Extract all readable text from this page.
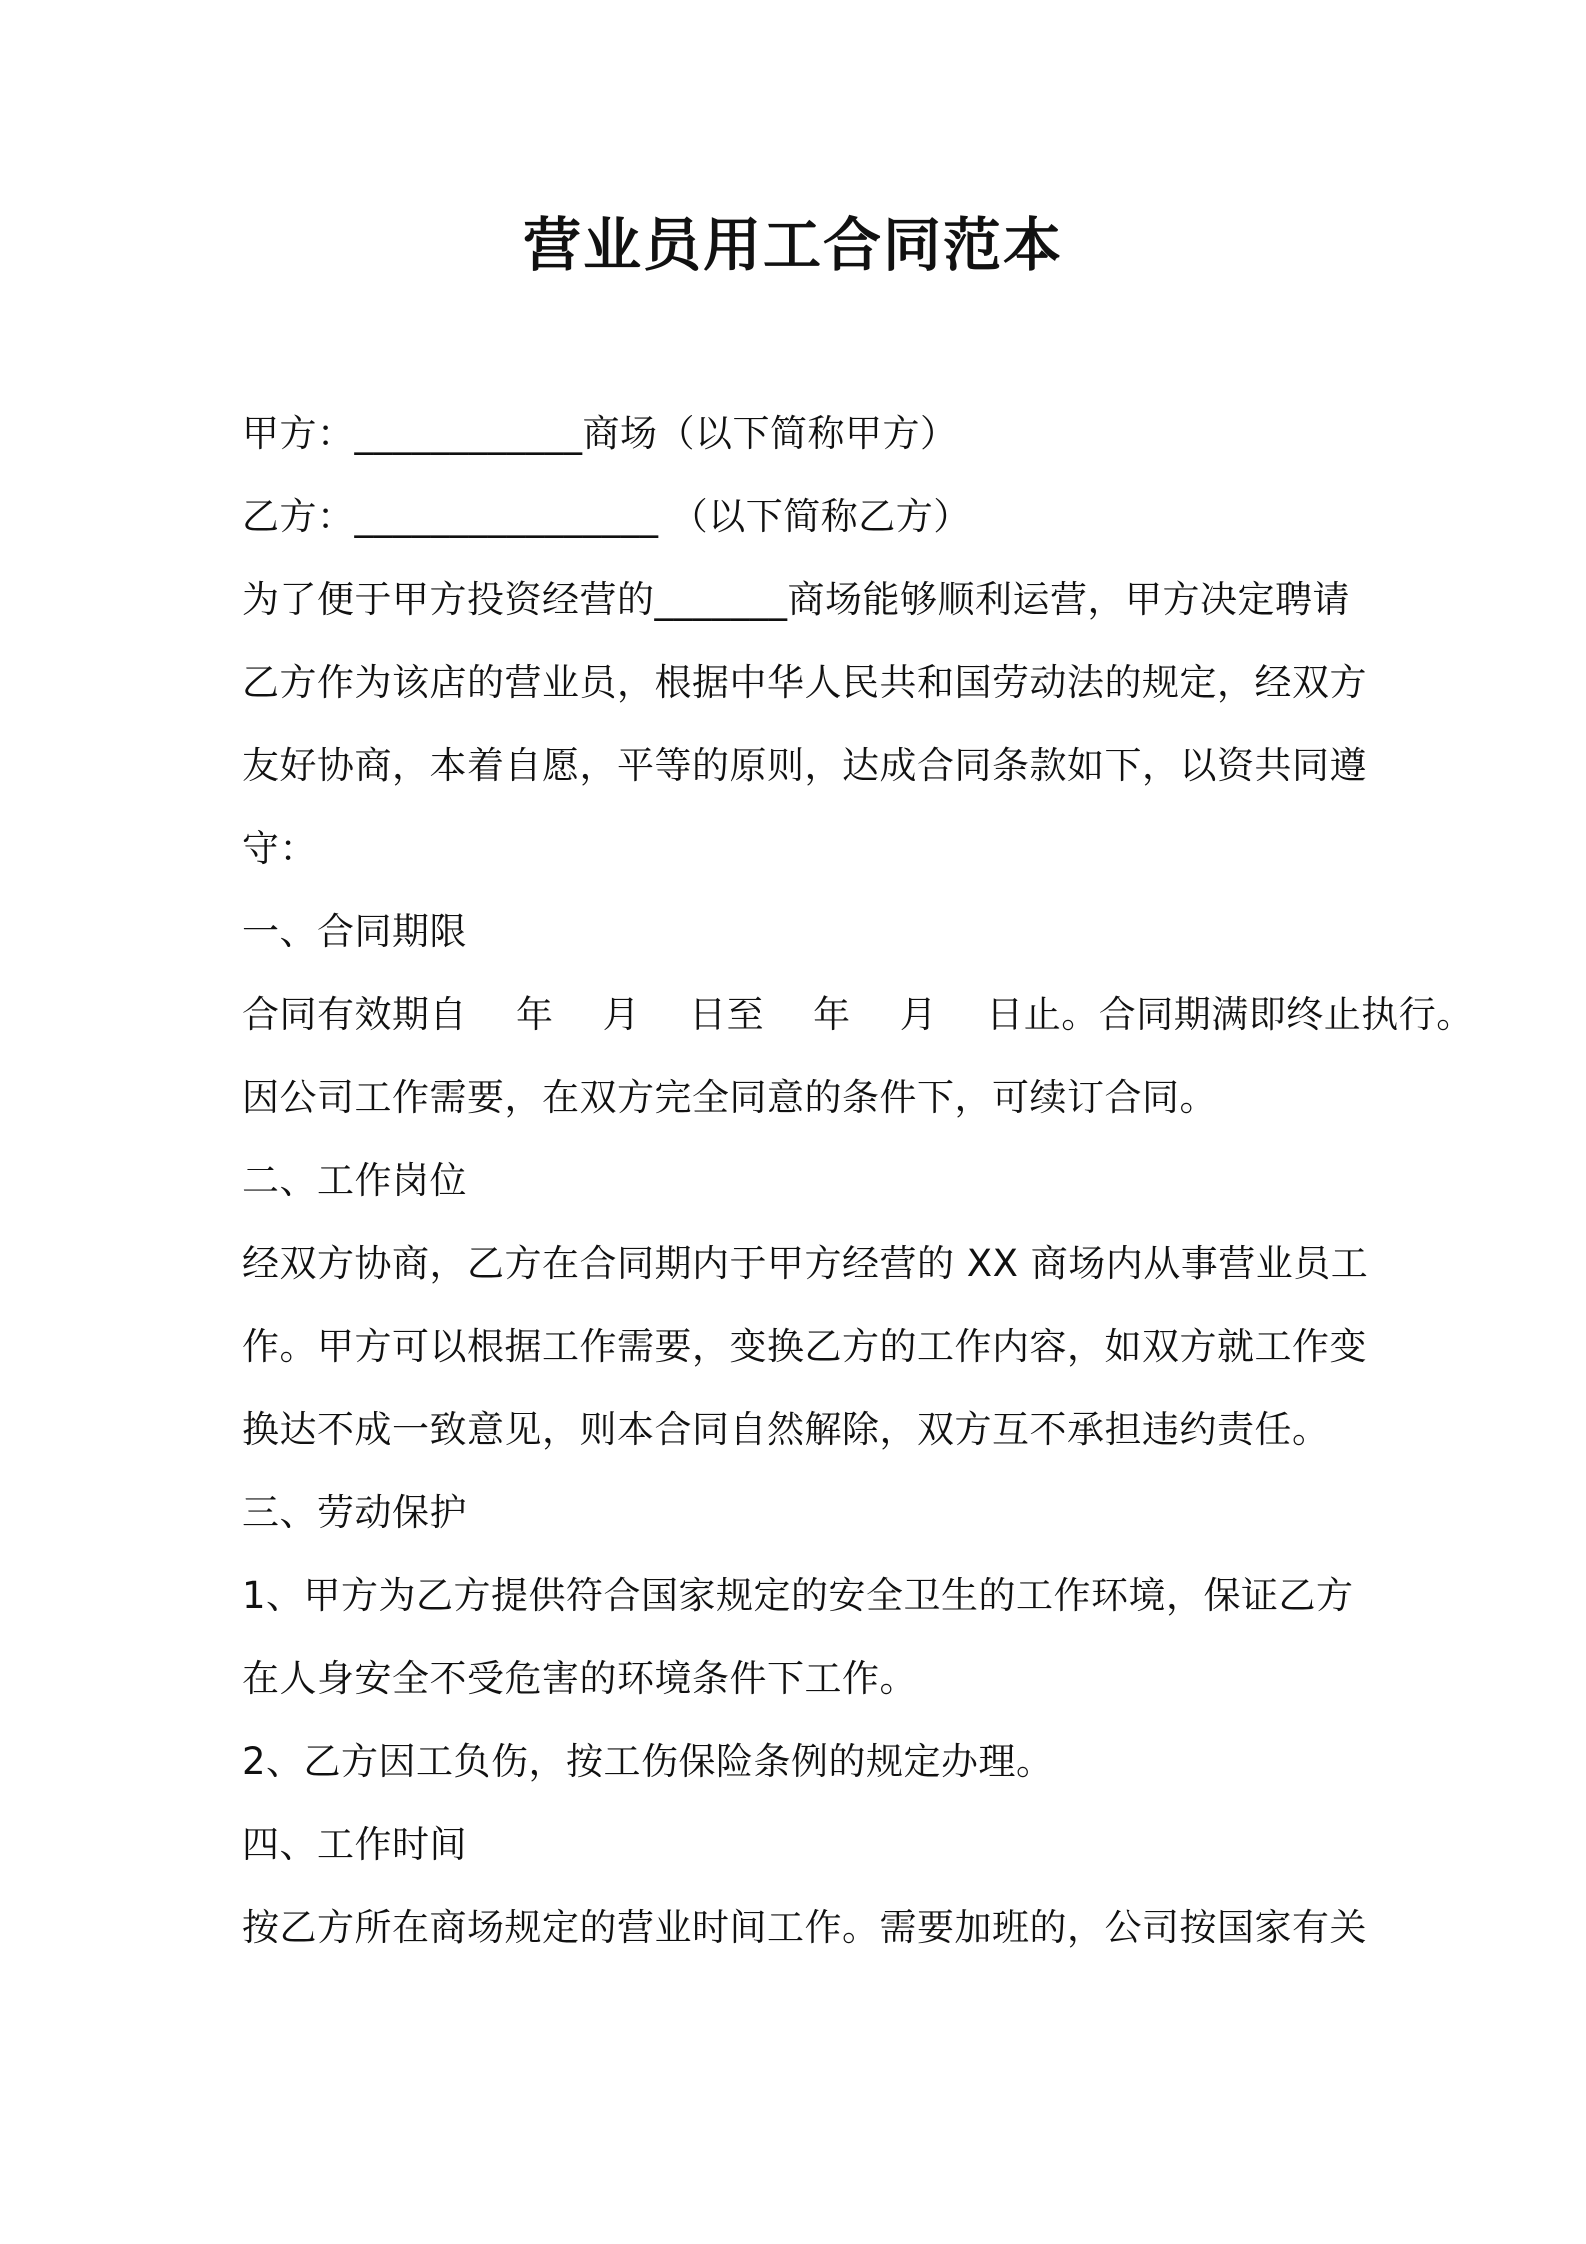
营业员用工合同范本
甲方：____________商场（以下简称甲方）
乙方：________________ （以下简称乙方）
为了便于甲方投资经营的_______商场能够顺利运营，甲方决定聘请
乙方作为该店的营业员，根据中华人民共和国劳动法的规定，经双方
友好协商，本着自愿，平等的原则，达成合同条款如下，以资共同遵
守：
一、合同期限
合同有效期自    年    月    日至    年    月    日止。合同期满即终止执行。
因公司工作需要，在双方完全同意的条件下，可续订合同。
二、工作岗位
经双方协商，乙方在合同期内于甲方经营的 XX 商场内从事营业员工
作。甲方可以根据工作需要，变换乙方的工作内容，如双方就工作变
换达不成一致意见，则本合同自然解除，双方互不承担违约责任。
三、劳动保护
1、甲方为乙方提供符合国家规定的安全卫生的工作环境，保证乙方
在人身安全不受危害的环境条件下工作。
2、乙方因工负伤，按工伤保险条例的规定办理。
四、工作时间
按乙方所在商场规定的营业时间工作。需要加班的，公司按国家有关
